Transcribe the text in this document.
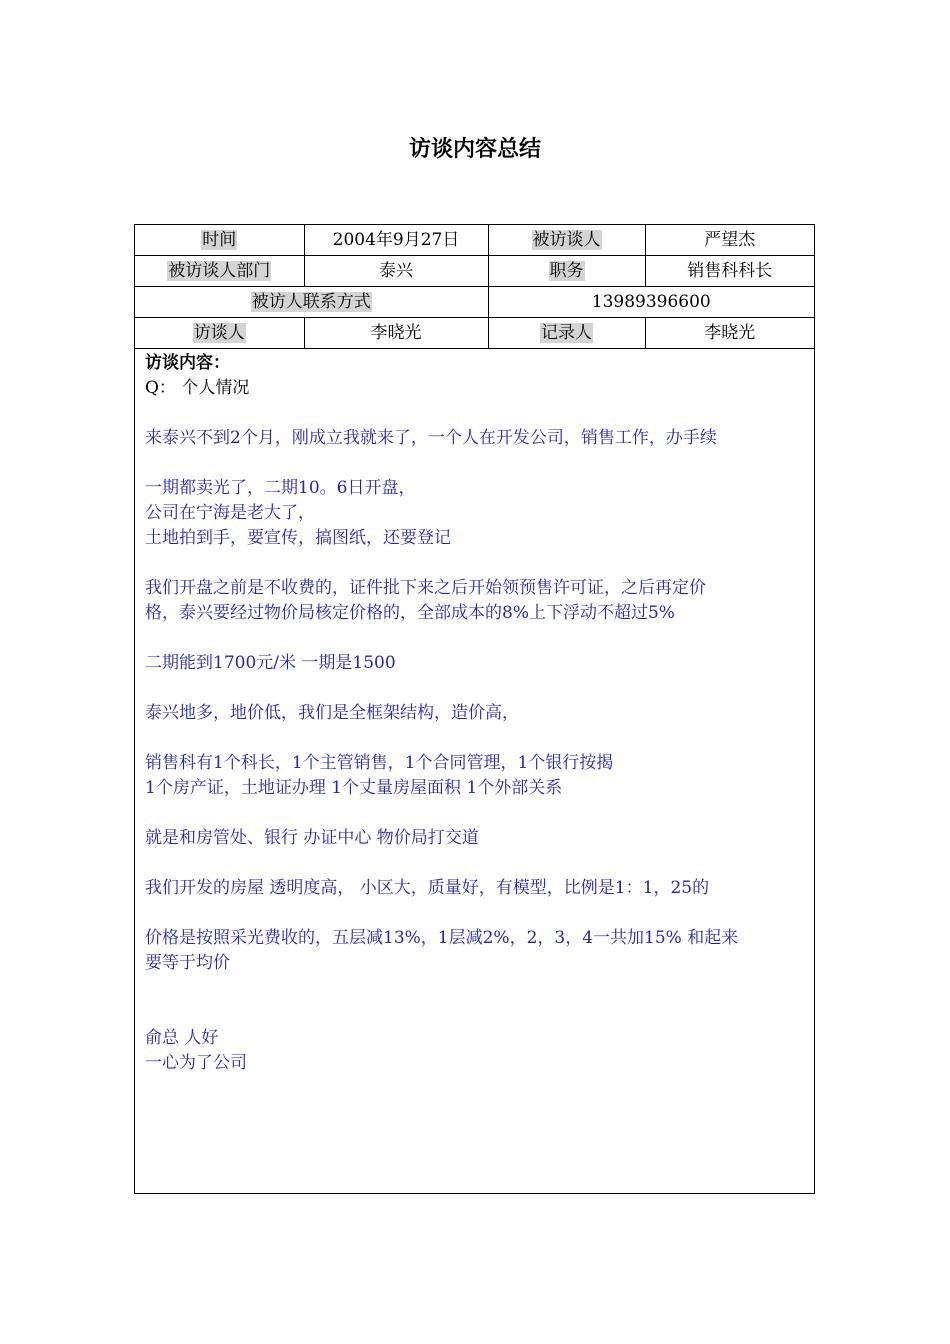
访谈内容总结
时间	2004年9月27日	被访谈人	严望杰
被访谈人部门	泰兴	职务	销售科科长
被访人联系方式		13989396600	
访谈人	李晓光	记录人	李晓光

访谈内容：

Q： 个人情况

来泰兴不到2个月，刚成立我就来了，一个人在开发公司，销售工作，办手续

一期都卖光了，二期10。6日开盘，

公司在宁海是老大了，

土地拍到手，要宣传，搞图纸，还要登记

我们开盘之前是不收费的，证件批下来之后开始领预售许可证，之后再定价

格，泰兴要经过物价局核定价格的，全部成本的8%上下浮动不超过5%

二期能到1700元/米 一期是1500

泰兴地多，地价低，我们是全框架结构，造价高，

销售科有1个科长，1个主管销售，1个合同管理，1个银行按揭

1个房产证，土地证办理 1个丈量房屋面积 1个外部关系

就是和房管处、银行 办证中心 物价局打交道

我们开发的房屋 透明度高， 小区大，质量好，有模型，比例是1：1，25的

价格是按照采光费收的，五层减13%，1层减2%，2，3，4一共加15% 和起来

要等于均价

俞总 人好

一心为了公司
